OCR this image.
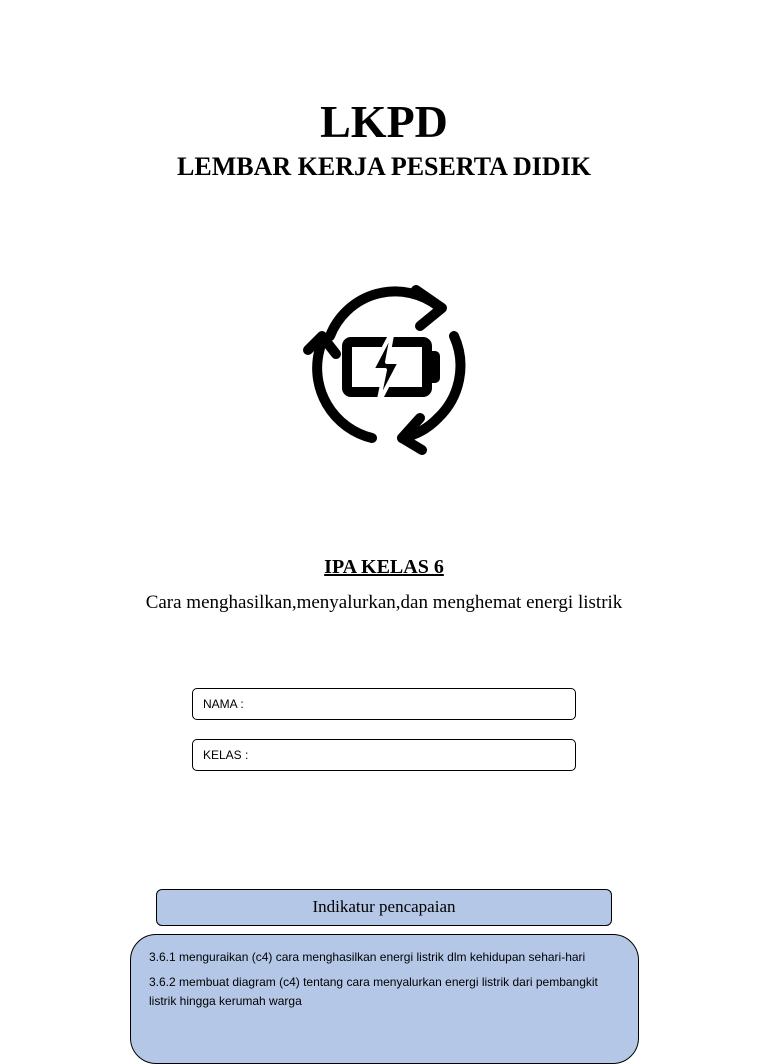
LKPD
LEMBAR KERJA PESERTA DIDIK
IPA KELAS 6
Cara menghasilkan,menyalurkan,dan menghemat energi listrik
NAMA :
KELAS :
Indikatur pencapaian
3.6.1 menguraikan (c4) cara menghasilkan energi listrik dlm kehidupan sehari-hari
3.6.2 membuat diagram (c4) tentang cara menyalurkan energi listrik dari pembangkit listrik hingga kerumah warga
